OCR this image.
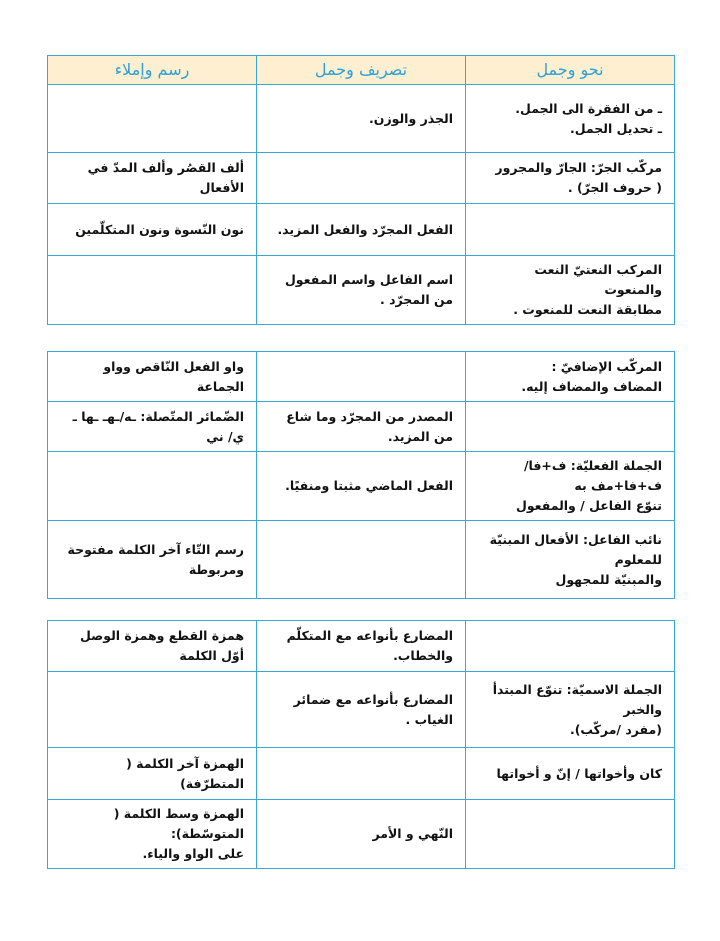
نحو وجمل	تصريف وجمل	رسم وإملاء

ـ من الفقرة الى الجمل.
ـ تحديل الجمل.	الجذر والوزن.	

مركّب الجرّ: الجارّ والمجرور
( حروف الجرّ) .		ألف القصُر وألف المدّ في الأفعال

	الفعل المجرّد والفعل المزيد.	نون النّسوة ونون المتكلّمين

المركب النعتيّ النعت والمنعوت
مطابقة النعت للمنعوت .	اسم الفاعل واسم المفعول من المجرّد .	

المركّب الإضافيّ :
المضاف والمضاف إليه.		واو الفعل النّاقص وواو الجماعة

	المصدر من المجرّد وما شاع من المزيد.	الضّمائر المتّصلة: ـه/ـهـ ـها ـ ي/ ني

الجملة الفعليّة: ف+فا/ ف+فا+مف به
تنوّع الفاعل / والمفعول	الفعل الماضي مثبتا ومنفيًا.	

نائب الفاعل: الأفعال المبنيّة للمعلوم
والمبنيّة للمجهول		رسم التّاء آخر الكلمة مفتوحة ومربوطة

	المضارع بأنواعه مع المتكلّم والخطاب.	همزة القطع وهمزة الوصل أوّل الكلمة

الجملة الاسميّة: تنوّع المبتدأ والخبر
(مفرد /مركّب).	المضارع بأنواعه مع ضمائر الغياب .	

كان وأخواتها / إنّ و أخواتها		الهمزة آخر الكلمة ( المتطرّفة)

	النّهي و الأمر	الهمزة وسط الكلمة ( المتوسّطة):
على الواو والياء.
